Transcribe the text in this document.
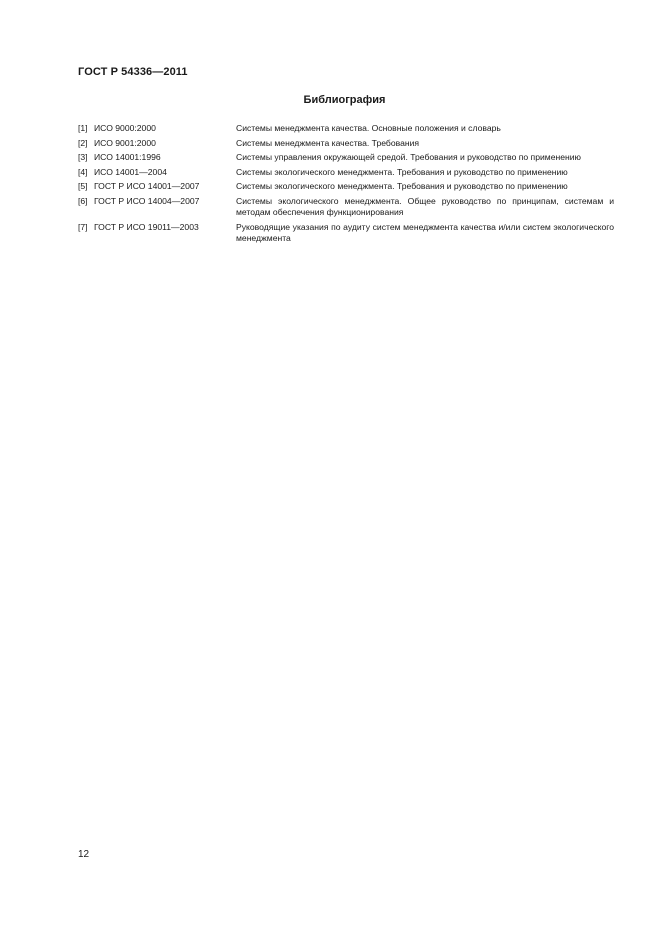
ГОСТ Р 54336—2011
Библиография
[1] ИСО 9000:2000	Системы менеджмента качества. Основные положения и словарь
[2] ИСО 9001:2000	Системы менеджмента качества. Требования
[3] ИСО 14001:1996	Системы управления окружающей средой. Требования и руководство по применению
[4] ИСО 14001—2004	Системы экологического менеджмента. Требования и руководство по применению
[5] ГОСТ Р ИСО 14001—2007	Системы экологического менеджмента. Требования и руководство по применению
[6] ГОСТ Р ИСО 14004—2007	Системы экологического менеджмента. Общее руководство по принципам, системам и методам обеспечения функционирования
[7] ГОСТ Р ИСО 19011—2003	Руководящие указания по аудиту систем менеджмента качества и/или систем экологического менеджмента
12
